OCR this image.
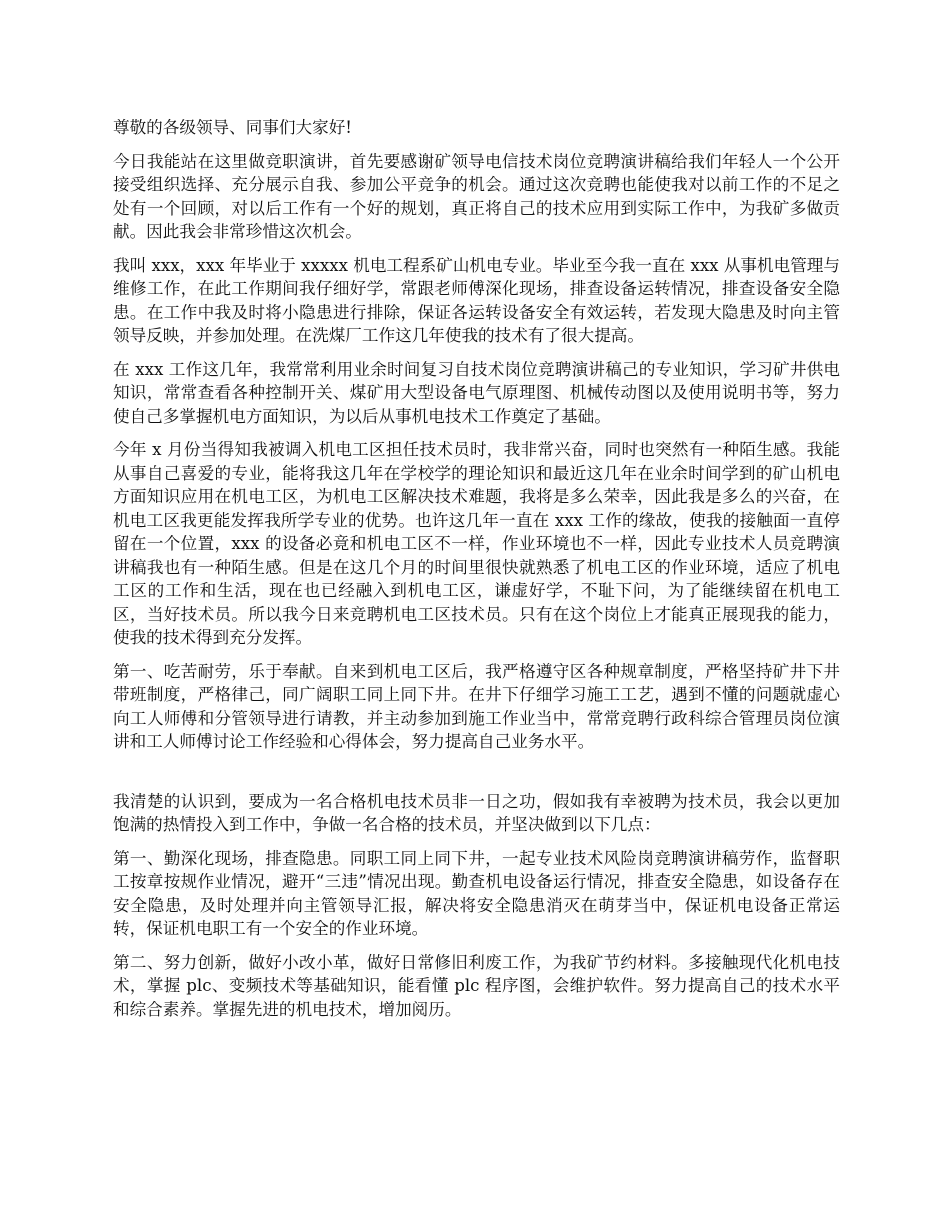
尊敬的各级领导、同事们大家好!

今日我能站在这里做竞职演讲，首先要感谢矿领导电信技术岗位竞聘演讲稿给我们年轻人一个公开接受组织选择、充分展示自我、参加公平竞争的机会。通过这次竞聘也能使我对以前工作的不足之处有一个回顾，对以后工作有一个好的规划，真正将自己的技术应用到实际工作中，为我矿多做贡献。因此我会非常珍惜这次机会。

我叫 xxx，xxx 年毕业于 xxxxx 机电工程系矿山机电专业。毕业至今我一直在 xxx 从事机电管理与维修工作，在此工作期间我仔细好学，常跟老师傅深化现场，排查设备运转情况，排查设备安全隐患。在工作中我及时将小隐患进行排除，保证各运转设备安全有效运转，若发现大隐患及时向主管领导反映，并参加处理。在洗煤厂工作这几年使我的技术有了很大提高。

在 xxx 工作这几年，我常常利用业余时间复习自技术岗位竞聘演讲稿己的专业知识，学习矿井供电知识，常常查看各种控制开关、煤矿用大型设备电气原理图、机械传动图以及使用说明书等，努力使自己多掌握机电方面知识，为以后从事机电技术工作奠定了基础。

今年 x 月份当得知我被调入机电工区担任技术员时，我非常兴奋，同时也突然有一种陌生感。我能从事自己喜爱的专业，能将我这几年在学校学的理论知识和最近这几年在业余时间学到的矿山机电方面知识应用在机电工区，为机电工区解决技术难题，我将是多么荣幸，因此我是多么的兴奋，在机电工区我更能发挥我所学专业的优势。也许这几年一直在 xxx 工作的缘故，使我的接触面一直停留在一个位置，xxx 的设备必竟和机电工区不一样，作业环境也不一样，因此专业技术人员竞聘演讲稿我也有一种陌生感。但是在这几个月的时间里很快就熟悉了机电工区的作业环境，适应了机电工区的工作和生活，现在也已经融入到机电工区，谦虚好学，不耻下问，为了能继续留在机电工区，当好技术员。所以我今日来竞聘机电工区技术员。只有在这个岗位上才能真正展现我的能力，使我的技术得到充分发挥。

第一、吃苦耐劳，乐于奉献。自来到机电工区后，我严格遵守区各种规章制度，严格坚持矿井下井带班制度，严格律己，同广阔职工同上同下井。在井下仔细学习施工工艺，遇到不懂的问题就虚心向工人师傅和分管领导进行请教，并主动参加到施工作业当中，常常竞聘行政科综合管理员岗位演讲和工人师傅讨论工作经验和心得体会，努力提高自己业务水平。

我清楚的认识到，要成为一名合格机电技术员非一日之功，假如我有幸被聘为技术员，我会以更加饱满的热情投入到工作中，争做一名合格的技术员，并坚决做到以下几点：

第一、勤深化现场，排查隐患。同职工同上同下井，一起专业技术风险岗竞聘演讲稿劳作，监督职工按章按规作业情况，避开“三违”情况出现。勤查机电设备运行情况，排查安全隐患，如设备存在安全隐患，及时处理并向主管领导汇报，解决将安全隐患消灭在萌芽当中，保证机电设备正常运转，保证机电职工有一个安全的作业环境。

第二、努力创新，做好小改小革，做好日常修旧利废工作，为我矿节约材料。多接触现代化机电技术，掌握 plc、变频技术等基础知识，能看懂 plc 程序图，会维护软件。努力提高自己的技术水平和综合素养。掌握先进的机电技术，增加阅历。
